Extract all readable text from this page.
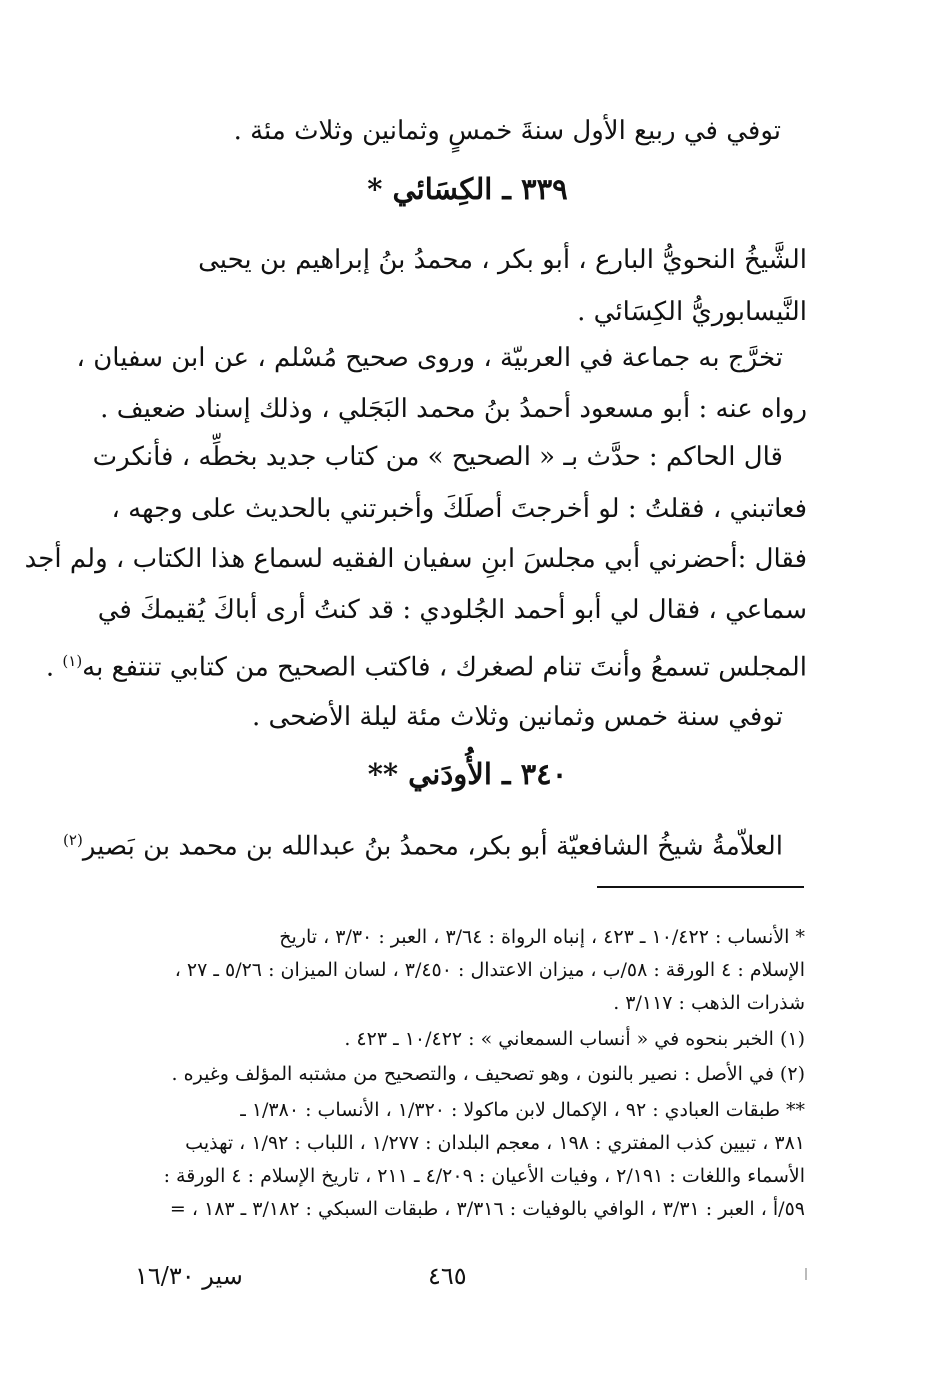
توفي في ربيع الأول سنةَ خمسٍ وثمانين وثلاث مئة .
٣٣٩ ـ الكِسَائي *
الشَّيخُ النحويُّ البارع ، أبو بكر ، محمدُ بنُ إبراهيم بن يحيى
النَّيسابوريُّ الكِسَائي .
تخرَّج به جماعة في العربيّة ، وروى صحيح مُسْلم ، عن ابن سفيان ،
رواه عنه : أبو مسعود أحمدُ بنُ محمد البَجَلي ، وذلك إسناد ضعيف .
قال الحاكم : حدَّث بـ « الصحيح » من كتاب جديد بخطِّه ، فأنكرت
فعاتبني ، فقلتُ : لو أخرجتَ أصلَكَ وأخبرتني بالحديث على وجهه ،
فقال :أحضرني أبي مجلسَ ابنِ سفيان الفقيه لسماع هذا الكتاب ، ولم أجد
سماعي ، فقال لي أبو أحمد الجُلودي : قد كنتُ أرى أباكَ يُقيمكَ في
المجلس تسمعُ وأنتَ تنام لصغرك ، فاكتب الصحيح من كتابي تنتفع به$^{(١)}$ .
توفي سنة خمس وثمانين وثلاث مئة ليلة الأضحى .
٣٤٠ ـ الأُودَني **
العلاّمةُ شيخُ الشافعيّة أبو بكر، محمدُ بنُ عبدالله بن محمد بن بَصير$^{(٢)}$
* الأنساب : ١٠/٤٢٢ ـ ٤٢٣ ، إنباه الرواة : ٣/٦٤ ، العبر : ٣/٣٠ ، تاريخ
الإسلام : ٤ الورقة : ٥٨/ب ، ميزان الاعتدال : ٣/٤٥٠ ، لسان الميزان : ٥/٢٦ ـ ٢٧ ،
شذرات الذهب : ٣/١١٧ .
(١) الخبر بنحوه في « أنساب السمعاني » : ١٠/٤٢٢ ـ ٤٢٣ .
(٢) في الأصل : نصير بالنون ، وهو تصحيف ، والتصحيح من مشتبه المؤلف وغيره .
** طبقات العبادي : ٩٢ ، الإكمال لابن ماكولا : ١/٣٢٠ ، الأنساب : ١/٣٨٠ ـ
٣٨١ ، تبيين كذب المفتري : ١٩٨ ، معجم البلدان : ١/٢٧٧ ، اللباب : ١/٩٢ ، تهذيب
الأسماء واللغات : ٢/١٩١ ، وفيات الأعيان : ٤/٢٠٩ ـ ٢١١ ، تاريخ الإسلام : ٤ الورقة :
٥٩/أ ، العبر : ٣/٣١ ، الوافي بالوفيات : ٣/٣١٦ ، طبقات السبكي : ٣/١٨٢ ـ ١٨٣ ، =
٤٦٥
سير ١٦/٣٠
